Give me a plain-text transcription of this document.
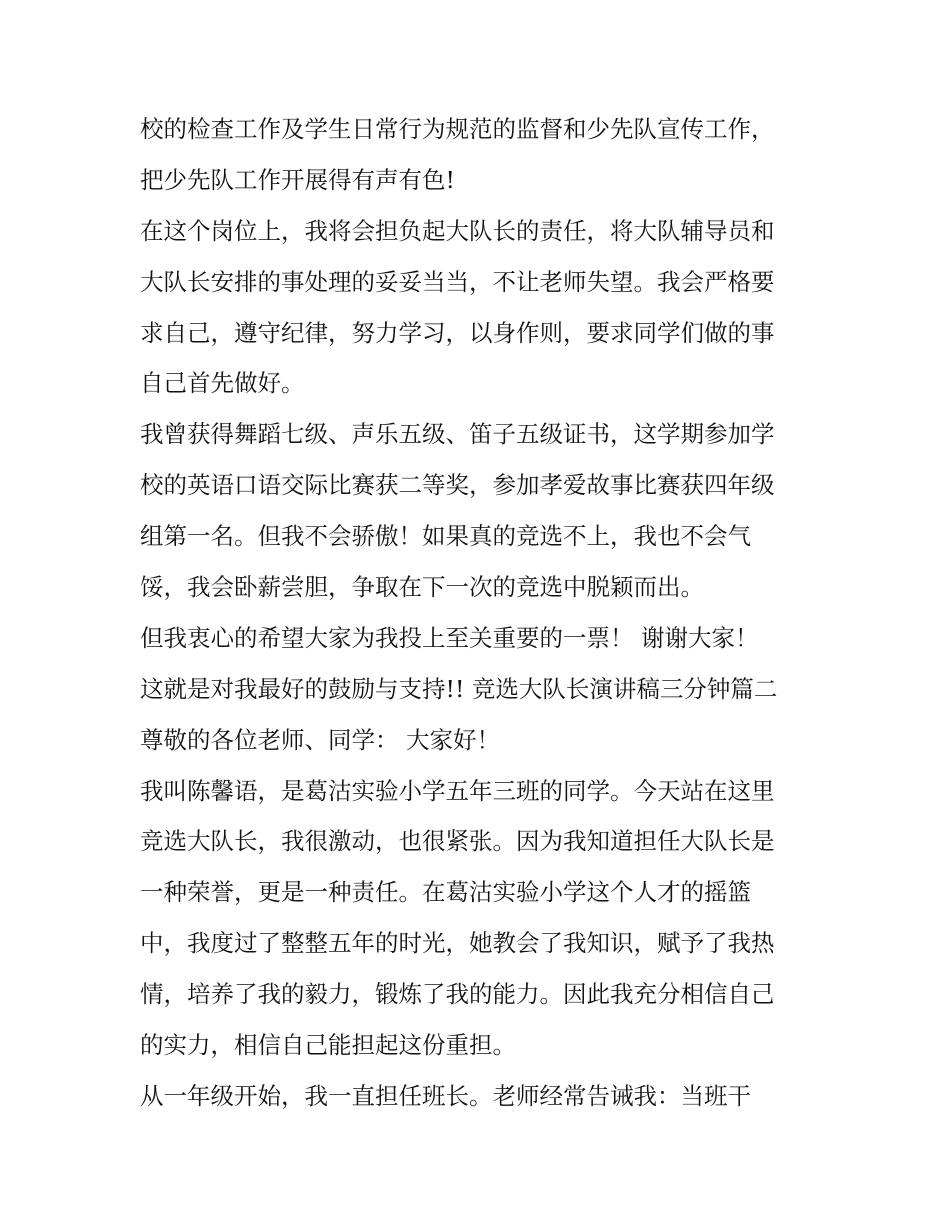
校的检查工作及学生日常行为规范的监督和少先队宣传工作，
把少先队工作开展得有声有色!
在这个岗位上，我将会担负起大队长的责任，将大队辅导员和
大队长安排的事处理的妥妥当当，不让老师失望。我会严格要
求自己，遵守纪律，努力学习，以身作则，要求同学们做的事
自己首先做好。
我曾获得舞蹈七级、声乐五级、笛子五级证书，这学期参加学
校的英语口语交际比赛获二等奖，参加孝爱故事比赛获四年级
组第一名。但我不会骄傲！如果真的竞选不上，我也不会气
馁，我会卧薪尝胆，争取在下一次的竞选中脱颖而出。
但我衷心的希望大家为我投上至关重要的一票！ 谢谢大家！
这就是对我最好的鼓励与支持!! 竞选大队长演讲稿三分钟篇二
尊敬的各位老师、同学： 大家好！
我叫陈馨语，是葛沽实验小学五年三班的同学。今天站在这里
竞选大队长，我很激动，也很紧张。因为我知道担任大队长是
一种荣誉，更是一种责任。在葛沽实验小学这个人才的摇篮
中，我度过了整整五年的时光，她教会了我知识，赋予了我热
情，培养了我的毅力，锻炼了我的能力。因此我充分相信自己
的实力，相信自己能担起这份重担。
从一年级开始，我一直担任班长。老师经常告诫我：当班干
